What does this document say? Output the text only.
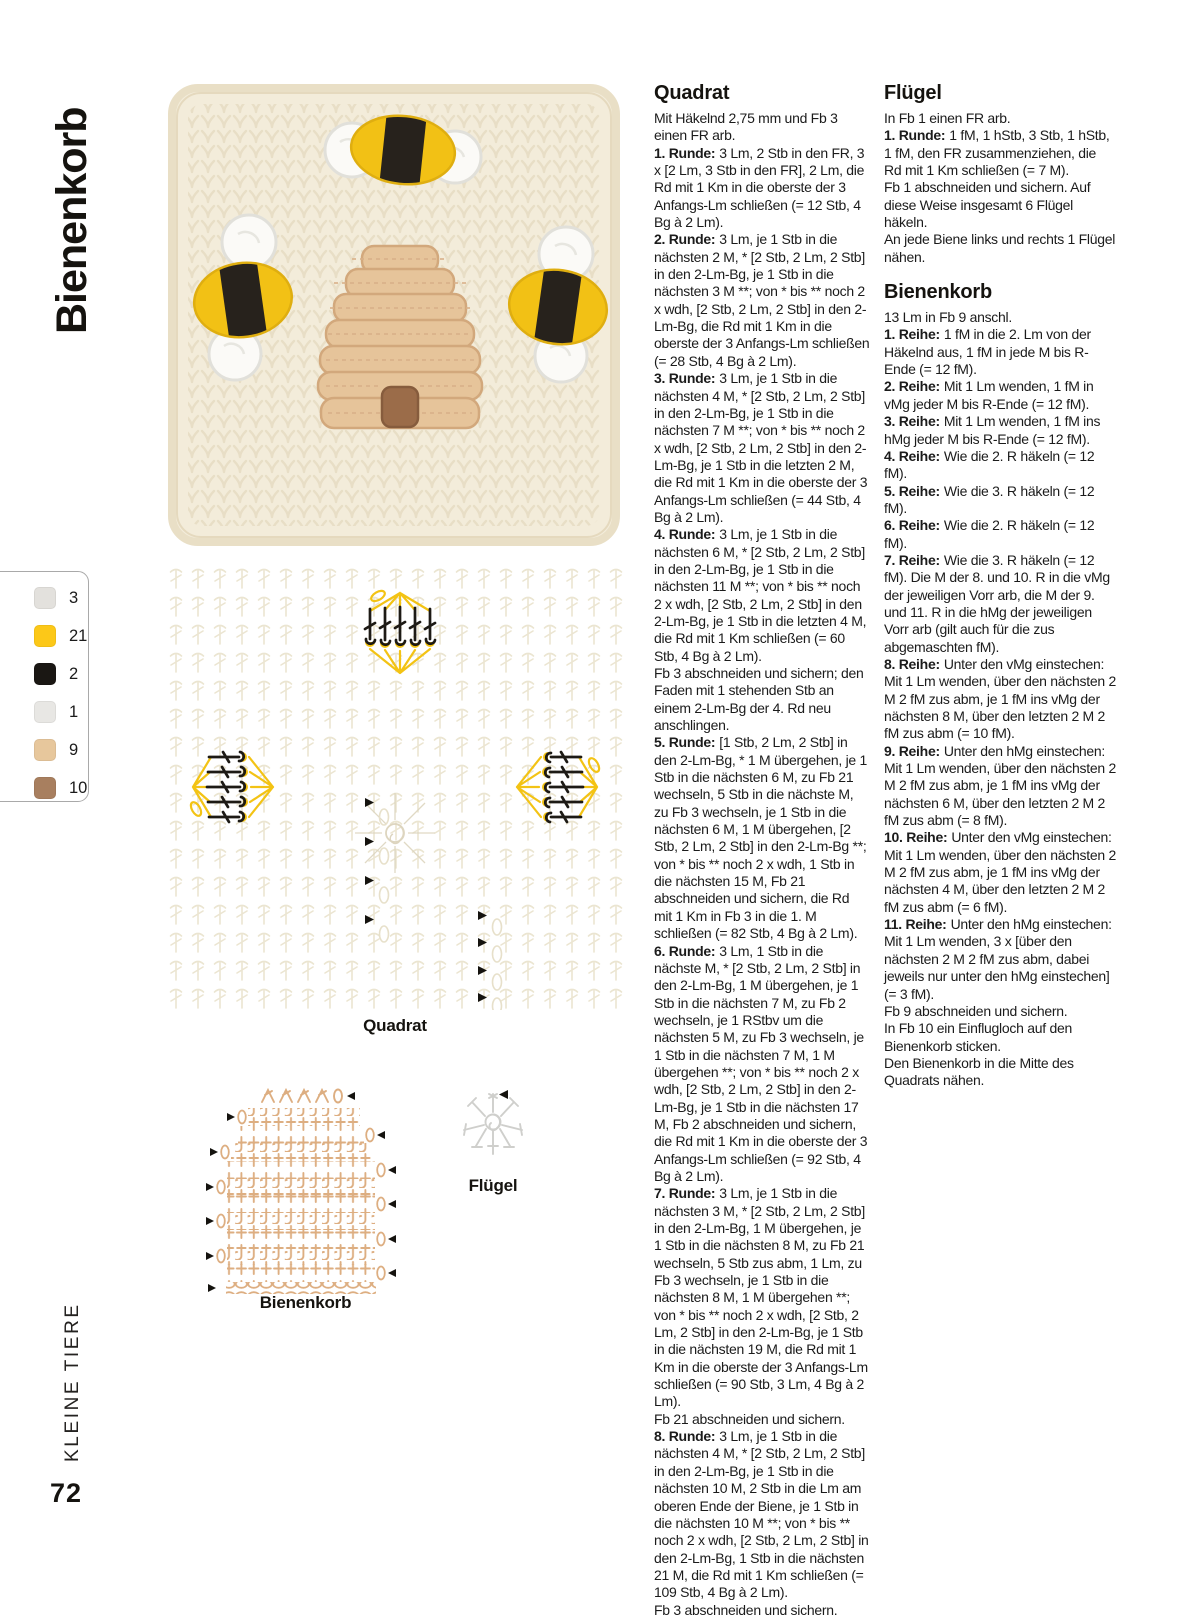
Bienenkorb
KLEINE TIERE
72
3
21
2
1
9
10
Quadrat
Bienenkorb
Flügel
Quadrat

Mit Häkelnd 2,75 mm und Fb 3 einen FR arb.

1. Runde: 3 Lm, 2 Stb in den FR, 3 x [2 Lm, 3 Stb in den FR], 2 Lm, die Rd mit 1 Km in die oberste der 3 Anfangs-Lm schließen (= 12 Stb, 4 Bg à 2 Lm).

2. Runde: 3 Lm, je 1 Stb in die nächsten 2 M, * [2 Stb, 2 Lm, 2 Stb] in den 2-Lm-Bg, je 1 Stb in die nächsten 3 M **; von * bis ** noch 2 x wdh, [2 Stb, 2 Lm, 2 Stb] in den 2-Lm-Bg, die Rd mit 1 Km in die oberste der 3 Anfangs-Lm schließen (= 28 Stb, 4 Bg à 2 Lm).

3. Runde: 3 Lm, je 1 Stb in die nächsten 4 M, * [2 Stb, 2 Lm, 2 Stb] in den 2-Lm-Bg, je 1 Stb in die nächsten 7 M **; von * bis ** noch 2 x wdh, [2 Stb, 2 Lm, 2 Stb] in den 2-Lm-Bg, je 1 Stb in die letzten 2 M, die Rd mit 1 Km in die oberste der 3 Anfangs-Lm schließen (= 44 Stb, 4 Bg à 2 Lm).

4. Runde: 3 Lm, je 1 Stb in die nächsten 6 M, * [2 Stb, 2 Lm, 2 Stb] in den 2-Lm-Bg, je 1 Stb in die nächsten 11 M **; von * bis ** noch 2 x wdh, [2 Stb, 2 Lm, 2 Stb] in den 2-Lm-Bg, je 1 Stb in die letzten 4 M, die Rd mit 1 Km schließen (= 60 Stb, 4 Bg à 2 Lm).

Fb 3 abschneiden und sichern; den Faden mit 1 stehenden Stb an einem 2-Lm-Bg der 4. Rd neu anschlingen.

5. Runde: [1 Stb, 2 Lm, 2 Stb] in den 2-Lm-Bg, * 1 M übergehen, je 1 Stb in die nächsten 6 M, zu Fb 21 wechseln, 5 Stb in die nächste M, zu Fb 3 wechseln, je 1 Stb in die nächsten 6 M, 1 M übergehen, [2 Stb, 2 Lm, 2 Stb] in den 2-Lm-Bg **; von * bis ** noch 2 x wdh, 1 Stb in die nächsten 15 M, Fb 21 abschneiden und sichern, die Rd mit 1 Km in Fb 3 in die 1. M schließen (= 82 Stb, 4 Bg à 2 Lm).

6. Runde: 3 Lm, 1 Stb in die nächste M, * [2 Stb, 2 Lm, 2 Stb] in den 2-Lm-Bg, 1 M übergehen, je 1 Stb in die nächsten 7 M, zu Fb 2 wechseln, je 1 RStbv um die nächsten 5 M, zu Fb 3 wechseln, je 1 Stb in die nächsten 7 M, 1 M übergehen **; von * bis ** noch 2 x wdh, [2 Stb, 2 Lm, 2 Stb] in den 2-Lm-Bg, je 1 Stb in die nächsten 17 M, Fb 2 abschneiden und sichern, die Rd mit 1 Km in die oberste der 3 Anfangs-Lm schließen (= 92 Stb, 4 Bg à 2 Lm).

7. Runde: 3 Lm, je 1 Stb in die nächsten 3 M, * [2 Stb, 2 Lm, 2 Stb] in den 2-Lm-Bg, 1 M übergehen, je 1 Stb in die nächsten 8 M, zu Fb 21 wechseln, 5 Stb zus abm, 1 Lm, zu Fb 3 wechseln, je 1 Stb in die nächsten 8 M, 1 M übergehen **; von * bis ** noch 2 x wdh, [2 Stb, 2 Lm, 2 Stb] in den 2-Lm-Bg, je 1 Stb in die nächsten 19 M, die Rd mit 1 Km in die oberste der 3 Anfangs-Lm schließen (= 90 Stb, 3 Lm, 4 Bg à 2 Lm).

Fb 21 abschneiden und sichern.

8. Runde: 3 Lm, je 1 Stb in die nächsten 4 M, * [2 Stb, 2 Lm, 2 Stb] in den 2-Lm-Bg, je 1 Stb in die nächsten 10 M, 2 Stb in die Lm am oberen Ende der Biene, je 1 Stb in die nächsten 10 M **; von * bis ** noch 2 x wdh, [2 Stb, 2 Lm, 2 Stb] in den 2-Lm-Bg, 1 Stb in die nächsten 21 M, die Rd mit 1 Km schließen (= 109 Stb, 4 Bg à 2 Lm).

Fb 3 abschneiden und sichern.

Flügel

In Fb 1 einen FR arb.

1. Runde: 1 fM, 1 hStb, 3 Stb, 1 hStb, 1 fM, den FR zusammenziehen, die Rd mit 1 Km schließen (= 7 M).

Fb 1 abschneiden und sichern. Auf diese Weise insgesamt 6 Flügel häkeln.

An jede Biene links und rechts 1 Flügel nähen.

Bienenkorb

13 Lm in Fb 9 anschl.

1. Reihe: 1 fM in die 2. Lm von der Häkelnd aus, 1 fM in jede M bis R-Ende (= 12 fM).

2. Reihe: Mit 1 Lm wenden, 1 fM in vMg jeder M bis R-Ende (= 12 fM).

3. Reihe: Mit 1 Lm wenden, 1 fM ins hMg jeder M bis R-Ende (= 12 fM).

4. Reihe: Wie die 2. R häkeln (= 12 fM).

5. Reihe: Wie die 3. R häkeln (= 12 fM).

6. Reihe: Wie die 2. R häkeln (= 12 fM).

7. Reihe: Wie die 3. R häkeln (= 12 fM). Die M der 8. und 10. R in die vMg der jeweiligen Vorr arb, die M der 9. und 11. R in die hMg der jeweiligen Vorr arb (gilt auch für die zus abgemaschten fM).

8. Reihe: Unter den vMg einstechen: Mit 1 Lm wenden, über den nächsten 2 M 2 fM zus abm, je 1 fM ins vMg der nächsten 8 M, über den letzten 2 M 2 fM zus abm (= 10 fM).

9. Reihe: Unter den hMg einstechen: Mit 1 Lm wenden, über den nächsten 2 M 2 fM zus abm, je 1 fM ins vMg der nächsten 6 M, über den letzten 2 M 2 fM zus abm (= 8 fM).

10. Reihe: Unter den vMg einstechen: Mit 1 Lm wenden, über den nächsten 2 M 2 fM zus abm, je 1 fM ins vMg der nächsten 4 M, über den letzten 2 M 2 fM zus abm (= 6 fM).

11. Reihe: Unter den hMg einstechen: Mit 1 Lm wenden, 3 x [über den nächsten 2 M 2 fM zus abm, dabei jeweils nur unter den hMg einstechen] (= 3 fM).

Fb 9 abschneiden und sichern.

In Fb 10 ein Einflugloch auf den Bienenkorb sticken.

Den Bienenkorb in die Mitte des Quadrats nähen.
